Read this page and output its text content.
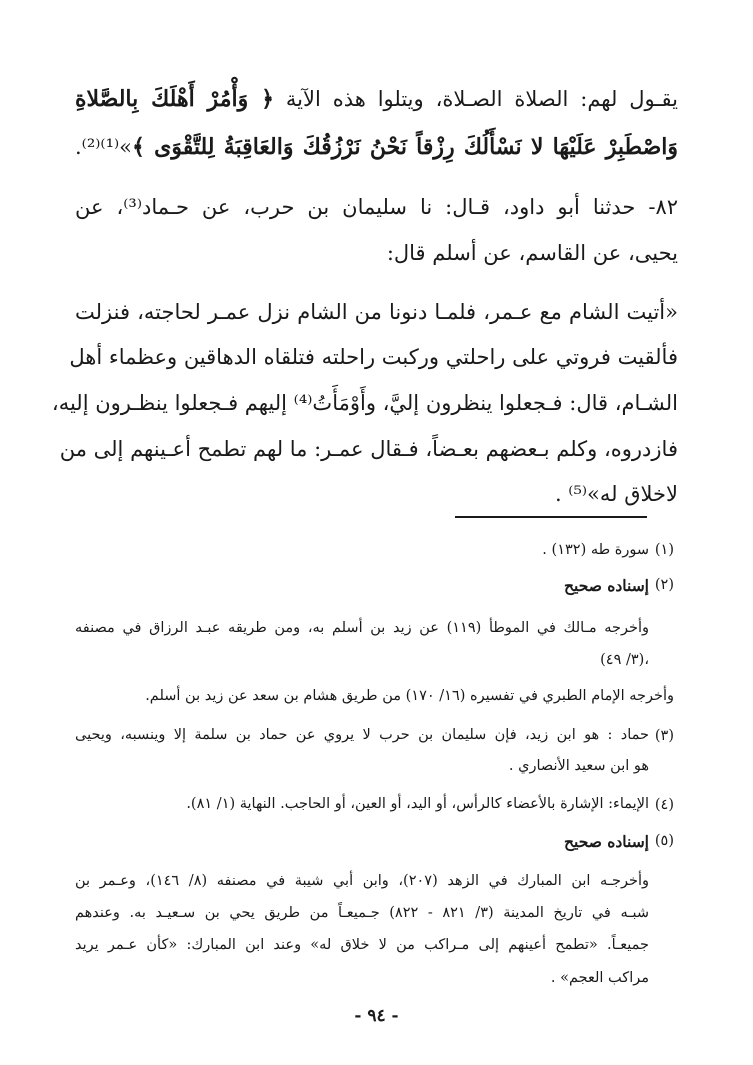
يقـول لهم: الصلاة الصـلاة، ويتلوا هذه الآية ﴿ وَأْمُرْ أَهْلَكَ بِالصَّلاةِ
وَاصْطَبِرْ عَلَيْهَا لا نَسْأَلُكَ رِزْقاً نَحْنُ نَرْزُقُكَ وَالعَاقِبَةُ لِلتَّقْوَى ﴾»⁽¹⁾⁽²⁾.
٨٢- حدثنا أبو داود، قـال: نا سليمان بن حرب، عن حـماد⁽³⁾، عن
يحيى، عن القاسم، عن أسلم قال:
«أتيت الشام مع عـمر، فلمـا دنونا من الشام نزل عمـر لحاجته، فنزلت
فألقيت فروتي على راحلتي وركبت راحلته فتلقاه الدهاقين وعظماء أهل
الشـام، قال: فـجعلوا ينظرون إليَّ، وأَوْمَأَتُ⁽⁴⁾ إليهم فـجعلوا ينظـرون إليه،
فازدروه، وكلم بـعضهم بعـضاً، فـقال عمـر: ما لهم تطمح أعـينهم إلى من
لاخلاق له»⁽⁵⁾ .
(١)
سورة طه (١٣٢) .
(٢)
إسناده صحيح
وأخرجه مـالك في الموطأ (١١٩) عن زيد بن أسلم به، ومن طريقه عبـد الرزاق في مصنفه
(٣/ ٤٩)،
وأخرجه الإمام الطبري في تفسيره (١٦/ ١٧٠) من طريق هشام بن سعد عن زيد بن أسلم.
(٣)
حماد : هو ابن زيد، فإن سليمان بن حرب لا يروي عن حماد بن سلمة إلا وينسبه، ويحيى
هو ابن سعيد الأنصاري .
(٤)
الإيماء: الإشارة بالأعضاء كالرأس، أو اليد، أو العين، أو الحاجب. النهاية (١/ ٨١).
(٥)
إسناده صحيح
وأخرجـه ابن المبارك في الزهد (٢٠٧)، وابن أبي شيبة في مصنفه (٨/ ١٤٦)، وعـمر بن
شبـه في تاريخ المدينة (٣/ ٨٢١ - ٨٢٢) جـميعـاً من طريق يحي بن سـعيـد به. وعندهم
جميعـاً. «تطمح أعينهم إلى مـراكب من لا خلاق له» وعند ابن المبارك: «كأن عـمر يريد
مراكب العجم» .
- ٩٤ -
